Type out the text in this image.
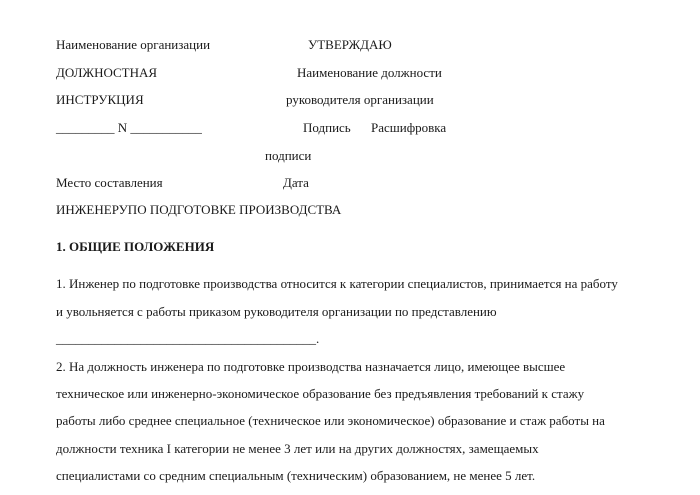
Наименование организации	УТВЕРЖДАЮ
ДОЛЖНОСТНАЯ	Наименование должности
ИНСТРУКЦИЯ	руководителя организации
_________ N ___________	Подпись Расшифровка
подписи
Место составления	Дата
ИНЖЕНЕРУПО ПОДГОТОВКЕ ПРОИЗВОДСТВА
1. ОБЩИЕ ПОЛОЖЕНИЯ
1. Инженер по подготовке производства относится к категории специалистов, принимается на работу
и увольняется с работы приказом руководителя организации по представлению
________________________________________.
2. На должность инженера по подготовке производства назначается лицо, имеющее высшее
техническое или инженерно-экономическое образование без предъявления требований к стажу
работы либо среднее специальное (техническое или экономическое) образование и стаж работы на
должности техника I категории не менее 3 лет или на других должностях, замещаемых
специалистами со средним специальным (техническим) образованием, не менее 5 лет.
